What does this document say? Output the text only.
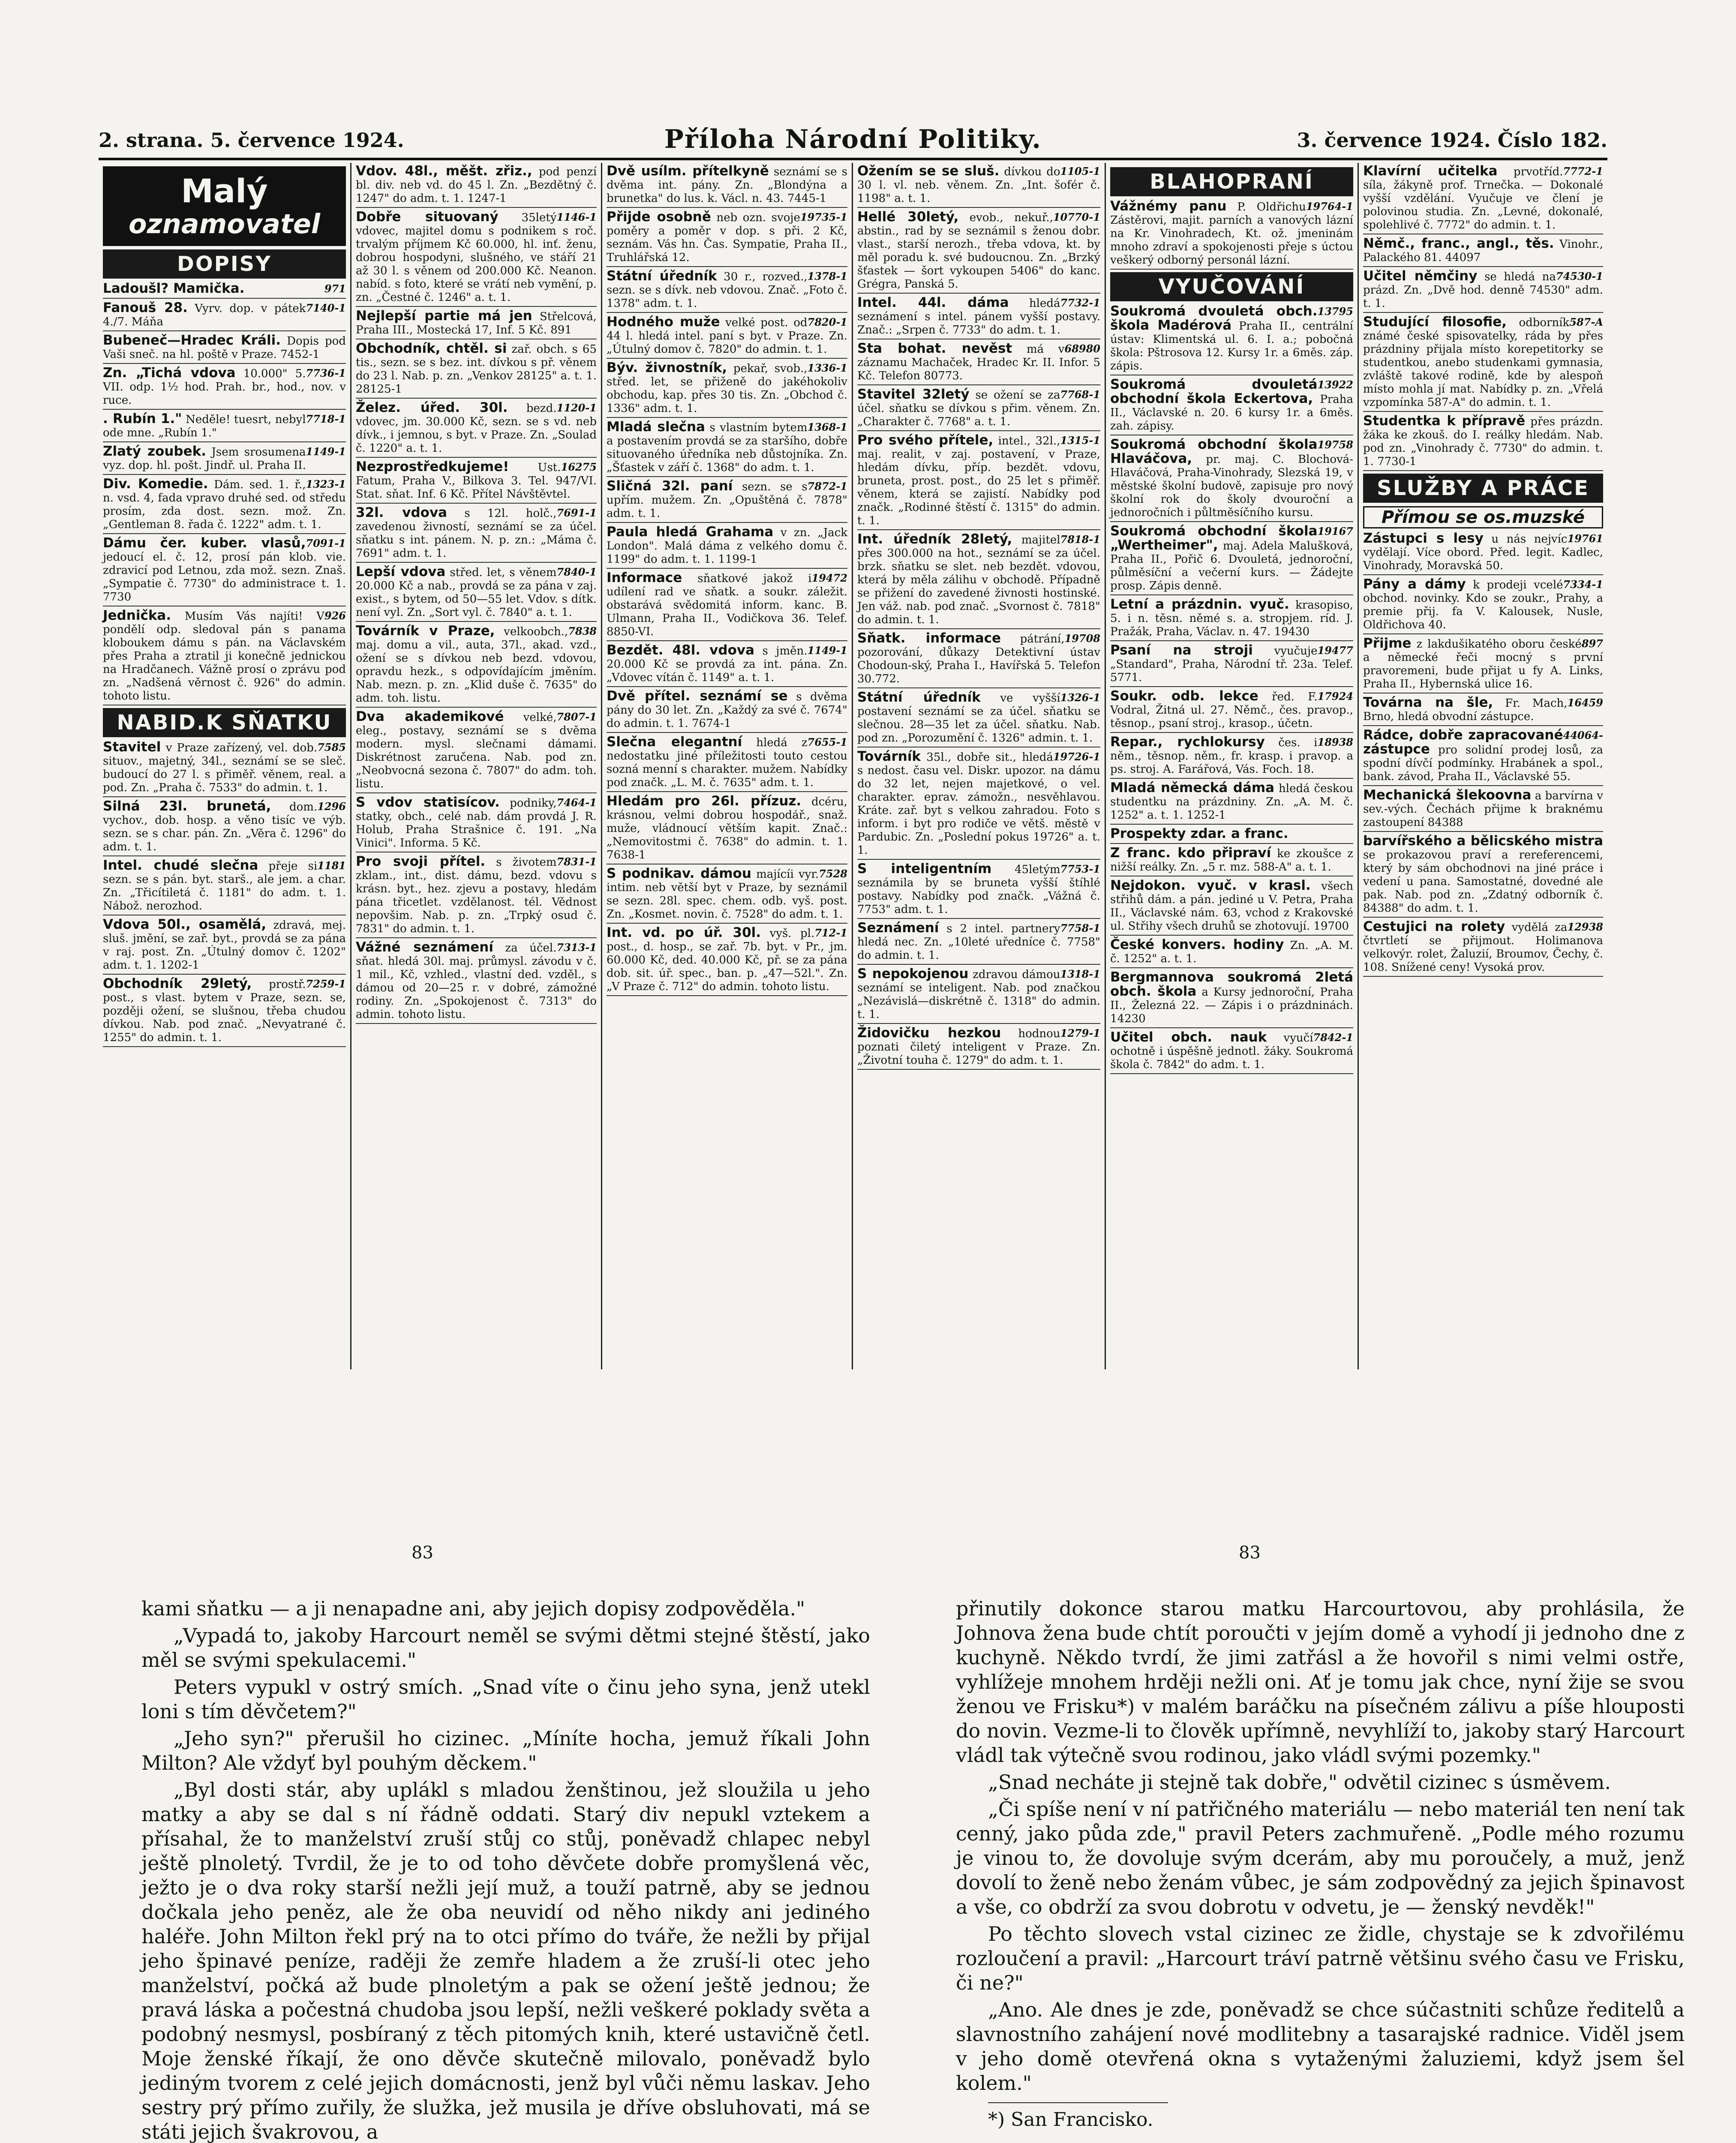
2. strana. 5. července 1924.	Příloha Národní Politiky.	3. července 1924. Číslo 182.
Malý
oznamovatel
DOPISY
971
Ladoušl? Mamička.
7140-1
Fanouš 28. Vyrv. dop. v pátek 4./7. Máňa
Bubeneč—Hradec Králi. Dopis pod Vaši sneč. na hl. poště v Praze. 7452-1
7736-1
Zn. „Tichá vdova 10.000" 5. VII. odp. 1½ hod. Prah. br., hod., nov. v ruce.
7718-1
. Rubín 1." Neděle! tuesrt, nebyl ode mne. „Rubín 1."
1149-1
Zlatý zoubek. Jsem srosumena vyz. dop. hl. pošt. Jindř. ul. Praha II.
1323-1
Div. Komedie. Dám. sed. 1. ř., n. vsd. 4, fada vpravo druhé sed. od středu prosím, zda dost. sezn. mož. Zn. „Gentleman 8. řada č. 1222" adm. t. 1.
7091-1
Dámu čer. kuber. vlasů, jedoucí el. č. 12, prosí pán klob. vie. zdravicí pod Letnou, zda mož. sezn. Znaš. „Sympatie č. 7730" do administrace t. 1. 7730
926
Jednička. Musím Vás najíti! V pondělí odp. sledoval pán s panama kloboukem dámu s pán. na Václavském přes Praha a ztratil ji konečně jednickou na Hradčanech. Vážně prosí o zprávu pod zn. „Nadšená věrnost č. 926" do admin. tohoto listu.
NABID.K SŇATKU
7585
Stavitel v Praze zařízený, vel. dob. situov., majetný, 34l., seznámí se se sleč. budoucí do 27 l. s přiměř. věnem, real. a pod. Zn. „Praha č. 7533" do admin. t. 1.
1296
Silná 23l. brunetá, dom. vychov., dob. hosp. a věno tisíc ve výb. sezn. se s char. pán. Zn. „Věra č. 1296" do adm. t. 1.
1181
Intel. chudé slečna přeje si sezn. se s pán. byt. starš., ale jem. a char. Zn. „Třicítiletá č. 1181" do adm. t. 1. Nábož. nerozhod.
Vdova 50l., osamělá, zdravá, mej. sluš. jmění, se zař. byt., provdá se za pána v raj. post. Zn. „Útulný domov č. 1202" adm. t. 1. 1202-1
7259-1
Obchodník 29letý, prostř. post., s vlast. bytem v Praze, sezn. se, později ožení, se slušnou, třeba chudou dívkou. Nab. pod znač. „Nevyatrané č. 1255" do admin. t. 1.
Vdov. 48l., měšt. zřiz., pod penzí bl. div. neb vd. do 45 l. Zn. „Bezdětný č. 1247" do adm. t. 1. 1247-1
1146-1
Dobře situovaný 35letý vdovec, majitel domu s podnikem s roč. trvalým příjmem Kč 60.000, hl. inť. ženu, dobrou hospodyni, slušného, ve stáří 21 až 30 l. s věnem od 200.000 Kč. Neanon. nabíd. s foto, které se vrátí neb vymění, p. zn. „Čestné č. 1246" a. t. 1.
Nejlepší partie má jen Střelcová, Praha III., Mostecká 17, Inf. 5 Kč. 891
Obchodník, chtěl. si zař. obch. s 65 tis., sezn. se s bez. int. dívkou s př. věnem do 23 l. Nab. p. zn. „Venkov 28125" a. t. 1. 28125-1
1120-1
Želez. úřed. 30l. bezd. vdovec, jm. 30.000 Kč, sezn. se s vd. neb dívk., i jemnou, s byt. v Praze. Zn. „Soulad č. 1220" a. t. 1.
16275
Nezprostředkujeme!	Ust. Fatum, Praha V., Bilkova 3. Tel. 947/VI. Stat. sňat. Inf. 6 Kč. Přítel Návštěvtel.
7691-1
32l. vdova s 12l. holč., zavedenou živností, seznámí se za účel. sňatku s int. pánem. N. p. zn.: „Máma č. 7691" adm. t. 1.
7840-1
Lepší vdova střed. let, s věnem 20.000 Kč a nab., provdá se za pána v zaj. exist., s bytem, od 50—55 let. Vdov. s dítk. není vyl. Zn. „Sort vyl. č. 7840" a. t. 1.
7838
Továrník v Praze, velkoobch., maj. domu a vil., auta, 37l., akad. vzd., ožení se s dívkou neb bezd. vdovou, opravdu hezk., s odpovídajícím jměním. Nab. mezn. p. zn. „Klid duše č. 7635" do adm. toh. listu.
7807-1
Dva akademikové velké, eleg., postavy, seznámí se s dvěma modern. mysl. slečnami dámami. Diskrétnost zaručena. Nab. pod zn. „Neobvocná sezona č. 7807" do adm. toh. listu.
7464-1
S vdov statisícov. podniky, statky, obch., celé nab. dám provdá J. R. Holub, Praha Strašnice č. 191. „Na Vinici". Informa. 5 Kč.
7831-1
Pro svoji přítel. s životem zklam., int., dist. dámu, bezd. vdovu s krásn. byt., hez. zjevu a postavy, hledám pána třicetlet. vzdělanost. tél. Vědnost nepovšim. Nab. p. zn. „Trpký osud č. 7831" do admin. t. 1.
7313-1
Vážné seznámení za účel. sňat. hledá 30l. maj. průmysl. závodu v č. 1 mil., Kč, vzhled., vlastní ded. vzděl., s dámou od 20—25 r. v dobré, zámožné rodiny. Zn. „Spokojenost č. 7313" do admin. tohoto listu.
Dvě usílm. přítelkyně seznámí se s dvěma int. pány. Zn. „Blondýna a brunetka" do lus. k. Václ. n. 43. 7445-1
19735-1
Přijde osobně neb ozn. svoje poměry a poměr v dop. s při. 2 Kč, seznám. Vás hn. Čas. Sympatie, Praha II., Truhlářská 12.
1378-1
Státní úředník 30 r., rozved., sezn. se s dívk. neb vdovou. Znač. „Foto č. 1378" adm. t. 1.
7820-1
Hodného muže velké post. od 44 l. hledá intel. paní s byt. v Praze. Zn. „Útulný domov č. 7820" do admin. t. 1.
1336-1
Býv. živnostník, pekař, svob., střed. let, se přiženě do jakéhokoliv obchodu, kap. přes 30 tis. Zn. „Obchod č. 1336" adm. t. 1.
1368-1
Mladá slečna s vlastním bytem a postavením provdá se za staršího, dobře situovaného úředníka neb důstojníka. Zn. „Šťastek v září č. 1368" do adm. t. 1.
7872-1
Sličná 32l. paní sezn. se s upřím. mužem. Zn. „Opuštěná č. 7878" adm. t. 1.
Paula hledá Grahama v zn. „Jack London". Malá dáma z velkého domu č. 1199" do adm. t. 1. 1199-1
19472
Informace sňatkové jakož i udílení rad ve sňatk. a soukr. záležit. obstarává svědomitá inform. kanc. B. Ulmann, Praha II., Vodičkova 36. Telef. 8850-VI.
1149-1
Bezdět. 48l. vdova s jměn. 20.000 Kč se provdá za int. pána. Zn. „Vdovec vítán č. 1149" a. t. 1.
Dvě přítel. seznámí se s dvěma pány do 30 let. Zn. „Každý za své č. 7674" do admin. t. 1. 7674-1
7655-1
Slečna elegantní hledá z nedostatku jiné příležitosti touto cestou sozná menní s charakter. mužem. Nabídky pod značk. „L. M. č. 7635" adm. t. 1.
Hledám pro 26l. přízuz. dcéru, krásnou, velmi dobrou hospodář., snaž. muže, vládnoucí větším kapit. Znač.: „Nemovitostmi č. 7638" do admin. t. 1. 7638-1
7528
S podnikav. dámou majícíi vyr. intim. neb větší byt v Praze, by seznámil se sezn. 28l. spec. chem. odb. vyš. post. Zn. „Kosmet. novin. č. 7528" do adm. t. 1.
712-1
Int. vd. po úř. 30l. vyš. pl. post., d. hosp., se zař. 7b. byt. v Pr., jm. 60.000 Kč, ded. 40.000 Kč, př. se za pána dob. sit. úř. spec., ban. p. „47—52l.". Zn. „V Praze č. 712" do admin. tohoto listu.
1105-1
Ožením se se sluš. dívkou do 30 l. vl. neb. věnem. Zn. „Int. šofér č. 1198" a. t. 1.
10770-1
Hellé 30letý, evob., nekuř., abstin., rad by se seznámil s ženou dobr. vlast., starší nerozh., třeba vdova, kt. by měl poradu k. své budoucnou. Zn. „Brzký šťastek — šort vykoupen 5406" do kanc. Grégra, Panská 5.
7732-1
Intel. 44l. dáma hledá seznámení s intel. pánem vyšší postavy. Znač.: „Srpen č. 7733" do adm. t. 1.
68980
Sta bohat. nevěst má v záznamu Machaček, Hradec Kr. II. Infor. 5 Kč. Telefon 80773.
7768-1
Stavitel 32letý se ožení se za účel. sňatku se dívkou s přim. věnem. Zn. „Charakter č. 7768" a. t. 1.
1315-1
Pro svého přítele, intel., 32l., maj. realit, v zaj. postavení, v Praze, hledám dívku, příp. bezdět. vdovu, bruneta, prost. post., do 25 let s přiměř. věnem, která se zajistí. Nabídky pod značk. „Rodinné štěstí č. 1315" do admin. t. 1.
7818-1
Int. úředník 28letý, majitel přes 300.000 na hot., seznámí se za účel. brzk. sňatku se slet. neb bezdět. vdovou, která by měla zálihu v obchodě. Případně se přižení do zavedené živnosti hostinské. Jen váž. nab. pod znač. „Svornost č. 7818" do admin. t. 1.
19708
Sňatk. informace pátrání, pozorování, důkazy Detektivní ústav Chodoun-ský, Praha I., Havířská 5. Telefon 30.772.
1326-1
Státní úředník ve vyšší postavení seznámí se za účel. sňatku se slečnou. 28—35 let za účel. sňatku. Nab. pod zn. „Porozumění č. 1326" admin. t. 1.
19726-1
Továrník 35l., dobře sit., hledá s nedost. času vel. Diskr. upozor. na dámu do 32 let, nejen majetkové, o vel. charakter. eprav. zámožn., nesvěhlavou. Kráte. zař. byt s velkou zahradou. Foto s inform. i byt pro rodiče ve větš. městě v Pardubic. Zn. „Poslední pokus 19726" a. t. 1.
7753-1
S inteligentním 45letým seznámila by se bruneta vyšší štíhlé postavy. Nabídky pod značk. „Vážná č. 7753" adm. t. 1.
7758-1
Seznámení s 2 intel. partnery hledá nec. Zn. „10leté uředníce č. 7758" do admin. t. 1.
1318-1
S nepokojenou zdravou dámou seznámí se inteligent. Nab. pod značkou „Nezávislá—diskrétně č. 1318" do admin. t. 1.
1279-1
Židovičku hezkou hodnou poznati čiletý inteligent v Praze. Zn. „Životní touha č. 1279" do adm. t. 1.
BLAHOPRANÍ
19764-1
Vážnémy panu P. Oldřichu Zástěrovi, majit. parních a vanových lázní na Kr. Vinohradech, Kt. ož. jmeninám mnoho zdraví a spokojenosti přeje s úctou veškerý odborný personál lázní.
VYUČOVÁNÍ
13795
Soukromá dvouletá obch. škola Madérová Praha II., centrální ústav: Klimentská ul. 6. I. a.; pobočná škola: Pštrosova 12. Kursy 1r. a 6měs. záp. zápis.
13922
Soukromá dvouletá obchodní škola Eckertova, Praha II., Václavské n. 20. 6 kursy 1r. a 6měs. zah. zápisy.
19758
Soukromá obchodní škola Hlaváčova, pr. maj. C. Blochová-Hlaváčová, Praha-Vinohrady, Slezská 19, v městské školní budově, zapisuje pro nový školní rok do školy dvouroční a jednoročních i půltměsíčního kursu.
19167
Soukromá obchodní škola „Wertheimer", maj. Adela Malušková, Praha II., Pořič 6. Dvouletá, jednoroční, půlměsíční a večerní kurs. — Žádejte prosp. Zápis denně.
Letní a prázdnin. vyuč. krasopiso, 5. i n. těsn. němé s. a. stropjem. ríd. J. Pražák, Praha, Václav. n. 47. 19430
19477
Psaní na stroji vyučuje „Standard", Praha, Národní tř. 23a. Telef. 5771.
17924
Soukr. odb. lekce řed. F. Vodral, Žitná ul. 27. Němč., čes. pravop., těsnop., psaní stroj., krasop., účetn.
18938
Repar., rychlokursy čes. i něm., těsnop. něm., fr. krasp. i pravop. a ps. stroj. A. Farářová, Vás. Foch. 18.
Mladá německá dáma hledá českou studentku na prázdniny. Zn. „A. M. č. 1252" a. t. 1. 1252-1
Prospekty zdar. a franc.
Z franc. kdo připraví ke zkoušce z nižší reálky. Zn. „5 r. mz. 588-A" a. t. 1.
Nejdokon. vyuč. v krasl. všech střihů dám. a pán. jediné u V. Petra, Praha II., Václavské nám. 63, vchod z Krakovské ul. Střihy všech druhů se zhotovují. 19700
České konvers. hodiny Zn. „A. M. č. 1252" a. t. 1.
Bergmannova soukromá 2letá obch. škola a Kursy jednoroční, Praha II., Železná 22. — Zápis i o prázdninách. 14230
7842-1
Učitel obch. nauk vyučí ochotně i úspěšně jednotl. žáky. Soukromá škola č. 7842" do adm. t. 1.
7772-1
Klavírní učitelka prvotříd. síla, žákyně prof. Trnečka. — Dokonalé vyšší vzdělání. Vyučuje ve člení je polovinou studia. Zn. „Levné, dokonalé, spolehlivé č. 7772" do admin. t. 1.
Němč., franc., angl., těs. Vinohr., Palackého 81. 44097
74530-1
Učitel němčiny se hledá na prázd. Zn. „Dvě hod. denně 74530" adm. t. 1.
587-A
Studující filosofie, odborník známé české spisovatelky, ráda by přes prázdniny přijala místo korepetitorky se studentkou, anebo studenkami gymnasia, zvláště takové rodině, kde by alespoň místo mohla jí mat. Nabídky p. zn. „Vřelá vzpomínka 587-A" do admin. t. 1.
Studentka k přípravě přes prázdn. žáka ke zkouš. do I. reálky hledám. Nab. pod zn. „Vinohrady č. 7730" do admin. t. 1. 7730-1
SLUŽBY A PRÁCE
Přímou se os.muzské
19761
Zástupci s lesy u nás nejvíc vydělají. Více obord. Před. legit. Kadlec, Vinohrady, Moravská 50.
7334-1
Pány a dámy k prodeji vcelé obchod. novinky. Kdo se zoukr., Prahy, a premie přij. fa V. Kalousek, Nusle, Oldřichova 40.
897
Přijme z lakdušikatého oboru české a německé řeči mocný s první pravoremeni, bude přijat u fy A. Links, Praha II., Hybernská ulice 16.
16459
Továrna na šle, Fr. Mach, Brno, hledá obvodní zástupce.
44064-
Rádce, dobře zapracované zástupce pro solidní prodej losů, za spodní dívčí podmínky. Hrabánek a spol., bank. závod, Praha II., Václavské 55.
Mechanická šlekoovna a barvírna v sev.-vých. Čechách přijme k braknému zastoupení 84388
barvířského a bělicského mistra se prokazovou praví a rereferencemi, který by sám obchodnovi na jiné práce i vedení u pana. Samostatné, dovedné ale pak. Nab. pod zn. „Zdatný odborník č. 84388" do adm. t. 1.
12938
Cestujici na rolety vydělá za čtvrtletí se přijmout. Holimanova velkovýr. rolet, Žaluzií, Broumov, Čechy, č. 108. Snížené ceny! Vysoká prov.
83	83

kami sňatku — a ji nenapadne ani, aby jejich dopisy zodpověděla."

„Vypadá to, jakoby Harcourt neměl se svými dětmi stejné štěstí, jako měl se svými spekulacemi."

Peters vypukl v ostrý smích. „Snad víte o činu jeho syna, jenž utekl loni s tím děvčetem?"

„Jeho syn?" přerušil ho cizinec. „Míníte hocha, jemuž říkali John Milton? Ale vždyť byl pouhým děckem."

„Byl dosti stár, aby uplákl s mladou ženštinou, jež sloužila u jeho matky a aby se dal s ní řádně oddati. Starý div nepukl vztekem a přísahal, že to manželství zruší stůj co stůj, poněvadž chlapec nebyl ještě plnoletý. Tvrdil, že je to od toho děvčete dobře promyšlená věc, ježto je o dva roky starší nežli její muž, a touží patrně, aby se jednou dočkala jeho peněz, ale že oba neuvidí od něho nikdy ani jediného haléře. John Milton řekl prý na to otci přímo do tváře, že nežli by přijal jeho špinavé peníze, raději že zemře hladem a že zruší-li otec jeho manželství, počká až bude plnoletým a pak se ožení ještě jednou; že pravá láska a počestná chudoba jsou lepší, nežli veškeré poklady světa a podobný nesmysl, posbíraný z těch pitomých knih, které ustavičně četl. Moje ženské říkají, že ono děvče skutečně milovalo, poněvadž bylo jediným tvorem z celé jejich domácnosti, jenž byl vůči němu laskav. Jeho sestry prý přímo zuřily, že služka, jež musila je dříve obsluhovati, má se státi jejich švakrovou, a

přinutily dokonce starou matku Harcourtovou, aby prohlásila, že Johnova žena bude chtít poroučti v jejím domě a vyhodí ji jednoho dne z kuchyně. Někdo tvrdí, že jimi zatřásl a že hovořil s nimi velmi ostře, vyhlížeje mnohem hrději nežli oni. Ať je tomu jak chce, nyní žije se svou ženou ve Frisku*) v malém baráčku na písečném zálivu a píše hlouposti do novin. Vezme-li to člověk upřímně, nevyhlíží to, jakoby starý Harcourt vládl tak výtečně svou rodinou, jako vládl svými pozemky."

„Snad necháte ji stejně tak dobře," odvětil cizinec s úsměvem.

„Či spíše není v ní patřičného materiálu — nebo materiál ten není tak cenný, jako půda zde," pravil Peters zachmuřeně. „Podle mého rozumu je vinou to, že dovoluje svým dcerám, aby mu poroučely, a muž, jenž dovolí to ženě nebo ženám vůbec, je sám zodpovědný za jejich špinavost a vše, co obdrží za svou dobrotu v odvetu, je — ženský nevděk!"

Po těchto slovech vstal cizinec ze židle, chystaje se k zdvořilému rozloučení a pravil: „Harcourt tráví patrně většinu svého času ve Frisku, či ne?"

„Ano. Ale dnes je zde, poněvadž se chce súčastniti schůze ředitelů a slavnostního zahájení nové modlitebny a tasarajské radnice. Viděl jsem v jeho domě otevřená okna s vytaženými žaluziemi, když jsem šel kolem."

*) San Francisko.
